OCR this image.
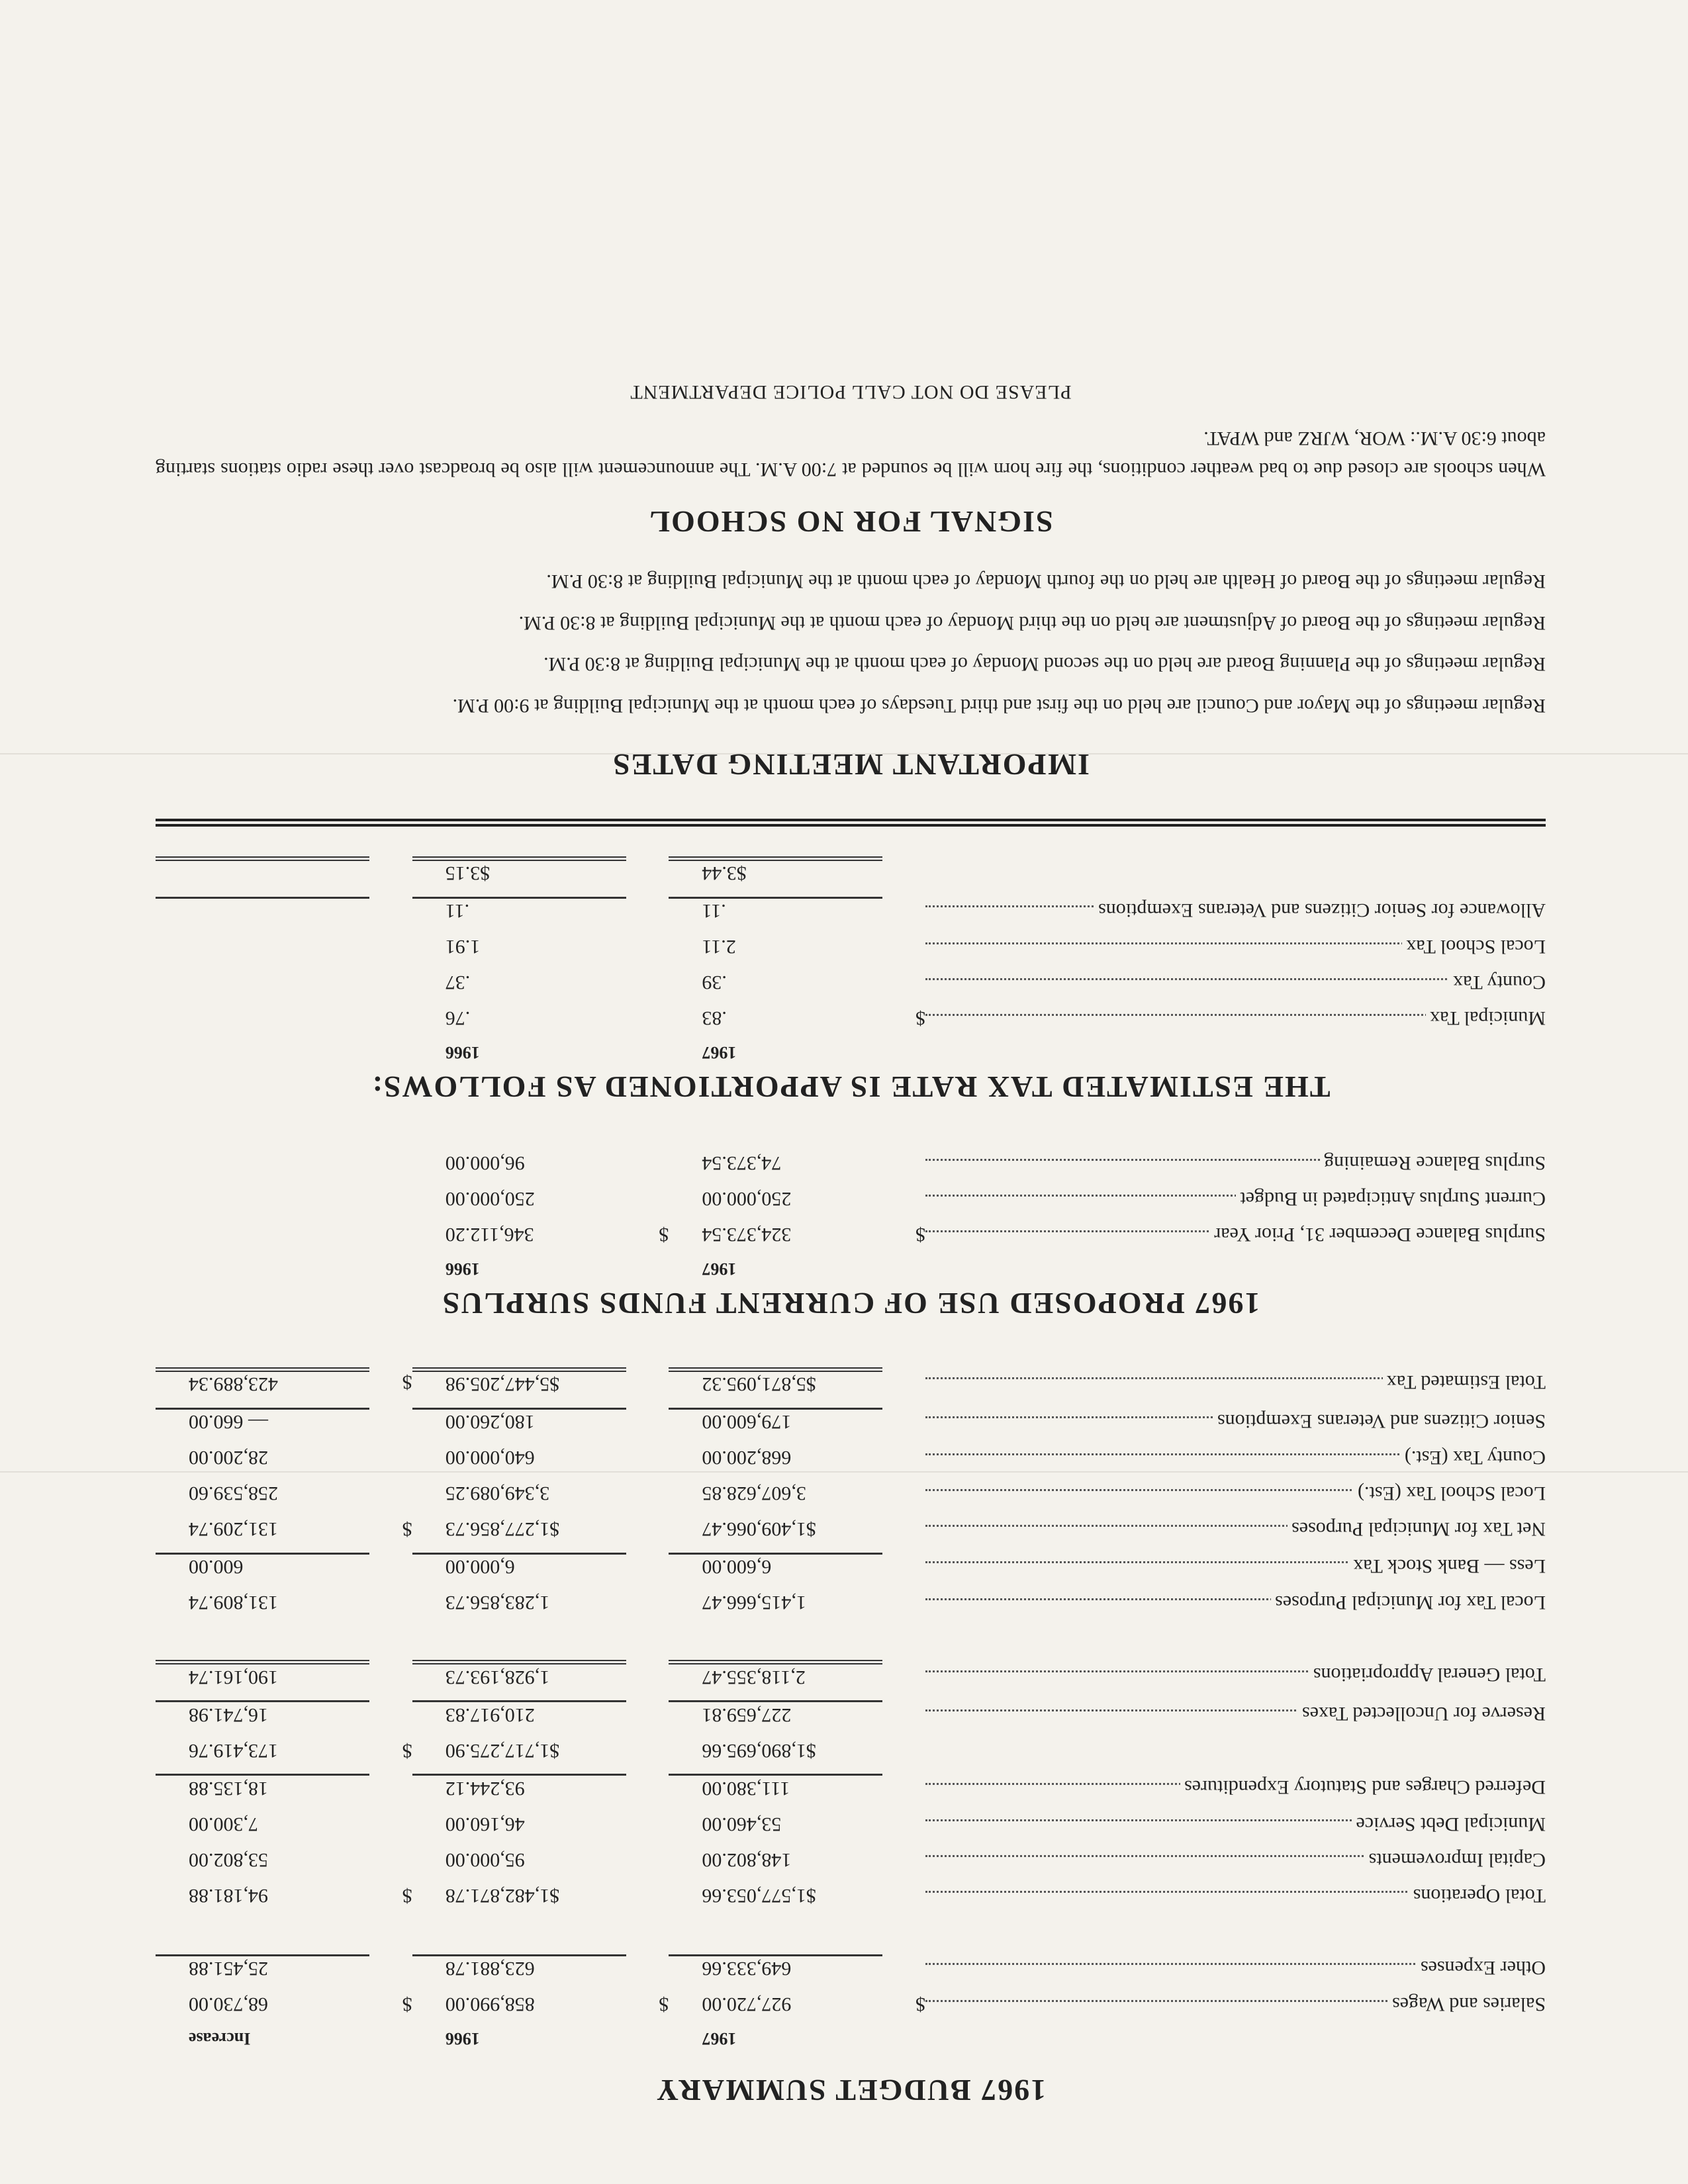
1967 BUDGET SUMMARY
		1967		1966		Increase
Salaries and Wages	$	927,720.00	$	858,990.00	$	68,730.00
Other Expenses		649,333.66		623,881.78		25,451.88

Total Operations		$1,577,053.66		$1,482,871.78	$	94,181.88
Capital Improvements		148,802.00		95,000.00		53,802.00
Municipal Debt Service		53,460.00		46,160.00		7,300.00
Deferred Charges and Statutory Expenditures		111,380.00		93,244.12		18,135.88
		$1,890,695.66		$1,717,275.90	$	173,419.76
Reserve for Uncollected Taxes		227,659.81		210,917.83		16,741.98
Total General Appropriations		2,118,355.47		1,928,193.73		190,161.74

Local Tax for Municipal Purposes		1,415,666.47		1,283,856.73		131,809.74
Less — Bank Stock Tax		6,600.00		6,000.00		600.00
Net Tax for Municipal Purposes		$1,409,066.47		$1,277,856.73	$	131,209.74
Local School Tax (Est.)		3,607,628.85		3,349,089.25		258,539.60
County Tax (Est.)		668,200.00		640,000.00		28,200.00
Senior Citizens and Veterans Exemptions		179,600.00		180,260.00		— 660.00
Total Estimated Tax		$5,871,095.32		$5,447,205.98	$	423,889.34
1967 PROPOSED USE OF CURRENT FUNDS SURPLUS
		1967		1966		
Surplus Balance December 31, Prior Year	$	324,373.54	$	346,112.20		
Current Surplus Anticipated in Budget		250,000.00		250,000.00		
Surplus Balance Remaining		74,373.54		96,000.00		
THE ESTIMATED TAX RATE IS APPORTIONED AS FOLLOWS:
		1967		1966		
Municipal Tax	$	.83		.76		
County Tax		.39		.37		
Local School Tax		2.11		1.91		
Allowance for Senior Citizens and Veterans Exemptions		.11		.11		
		$3.44		$3.15		
IMPORTANT MEETING DATES

Regular meetings of the Mayor and Council are held on the first and third Tuesdays of each month at the Municipal Building at 9:00 P.M.

Regular meetings of the Planning Board are held on the second Monday of each month at the Municipal Building at 8:30 P.M.

Regular meetings of the Board of Adjustment are held on the third Monday of each month at the Municipal Building at 8:30 P.M.

Regular meetings of the Board of Health are held on the fourth Monday of each month at the Municipal Building at 8:30 P.M.

SIGNAL FOR NO SCHOOL

When schools are closed due to bad weather conditions, the fire horn will be sounded at 7:00 A.M. The announcement will also be broadcast over these radio stations starting about 6:30 A.M.: WOR, WJRZ and WPAT.

PLEASE DO NOT CALL POLICE DEPARTMENT
